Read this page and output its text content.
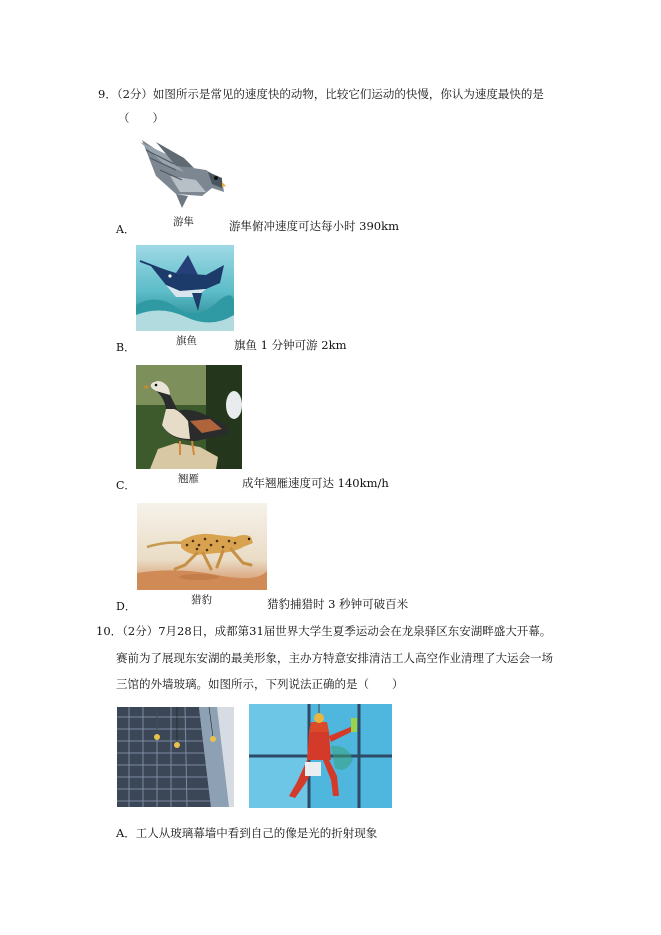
9．（2分）如图所示是常见的速度快的动物，比较它们运动的快慢，你认为速度最快的是
（　　）
游隼
A．	游隼俯冲速度可达每小时 390km
旗鱼
B．	旗鱼 1 分钟可游 2km
翘雁
C．	成年翘雁速度可达 140km/h
猎豹
D．	猎豹捕猎时 3 秒钟可破百米
10．（2分）7月28日，成都第31届世界大学生夏季运动会在龙泉驿区东安湖畔盛大开幕。
赛前为了展现东安湖的最美形象，主办方特意安排清洁工人高空作业清理了大运会一场
三馆的外墙玻璃。如图所示，下列说法正确的是（　　）
A．工人从玻璃幕墙中看到自己的像是光的折射现象
